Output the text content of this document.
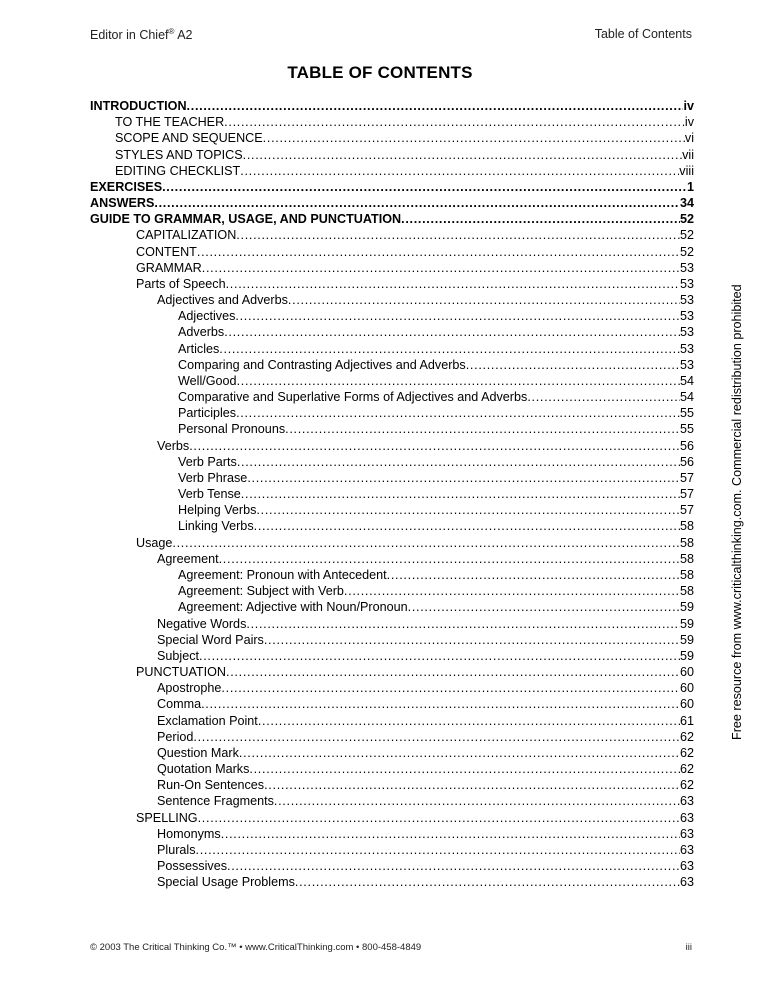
Editor in Chief® A2	Table of Contents
TABLE OF CONTENTS
INTRODUCTION . . .	iv
TO THE TEACHER . . .	iv
SCOPE AND SEQUENCE . . .	vi
STYLES AND TOPICS . . .	vii
EDITING CHECKLIST . . .	viii
EXERCISES . . .	1
ANSWERS . . .	34
GUIDE TO GRAMMAR, USAGE, AND PUNCTUATION . . .	52
CAPITALIZATION . . .	52
CONTENT . . .	52
GRAMMAR . . .	53
Parts of Speech . . .	53
Adjectives and Adverbs . . .	53
Adjectives . . .	53
Adverbs . . .	53
Articles . . .	53
Comparing and Contrasting Adjectives and Adverbs . . .	53
Well/Good . . .	54
Comparative and Superlative Forms of Adjectives and Adverbs . . .	54
Participles . . .	55
Personal Pronouns . . .	55
Verbs . . .	56
Verb Parts . . .	56
Verb Phrase . . .	57
Verb Tense . . .	57
Helping Verbs . . .	57
Linking Verbs . . .	58
Usage . . .	58
Agreement . . .	58
Agreement: Pronoun with Antecedent . . .	58
Agreement: Subject with Verb . . .	58
Agreement: Adjective with Noun/Pronoun . . .	59
Negative Words . . .	59
Special Word Pairs . . .	59
Subject . . .	59
PUNCTUATION . . .	60
Apostrophe . . .	60
Comma . . .	60
Exclamation Point . . .	61
Period . . .	62
Question Mark . . .	62
Quotation Marks . . .	62
Run-On Sentences . . .	62
Sentence Fragments . . .	63
SPELLING . . .	63
Homonyms . . .	63
Plurals . . .	63
Possessives . . .	63
Special Usage Problems . . .	63
Free resource from www.criticalthinking.com. Commercial redistribution prohibited
© 2003 The Critical Thinking Co.™ • www.CriticalThinking.com • 800-458-4849	iii
